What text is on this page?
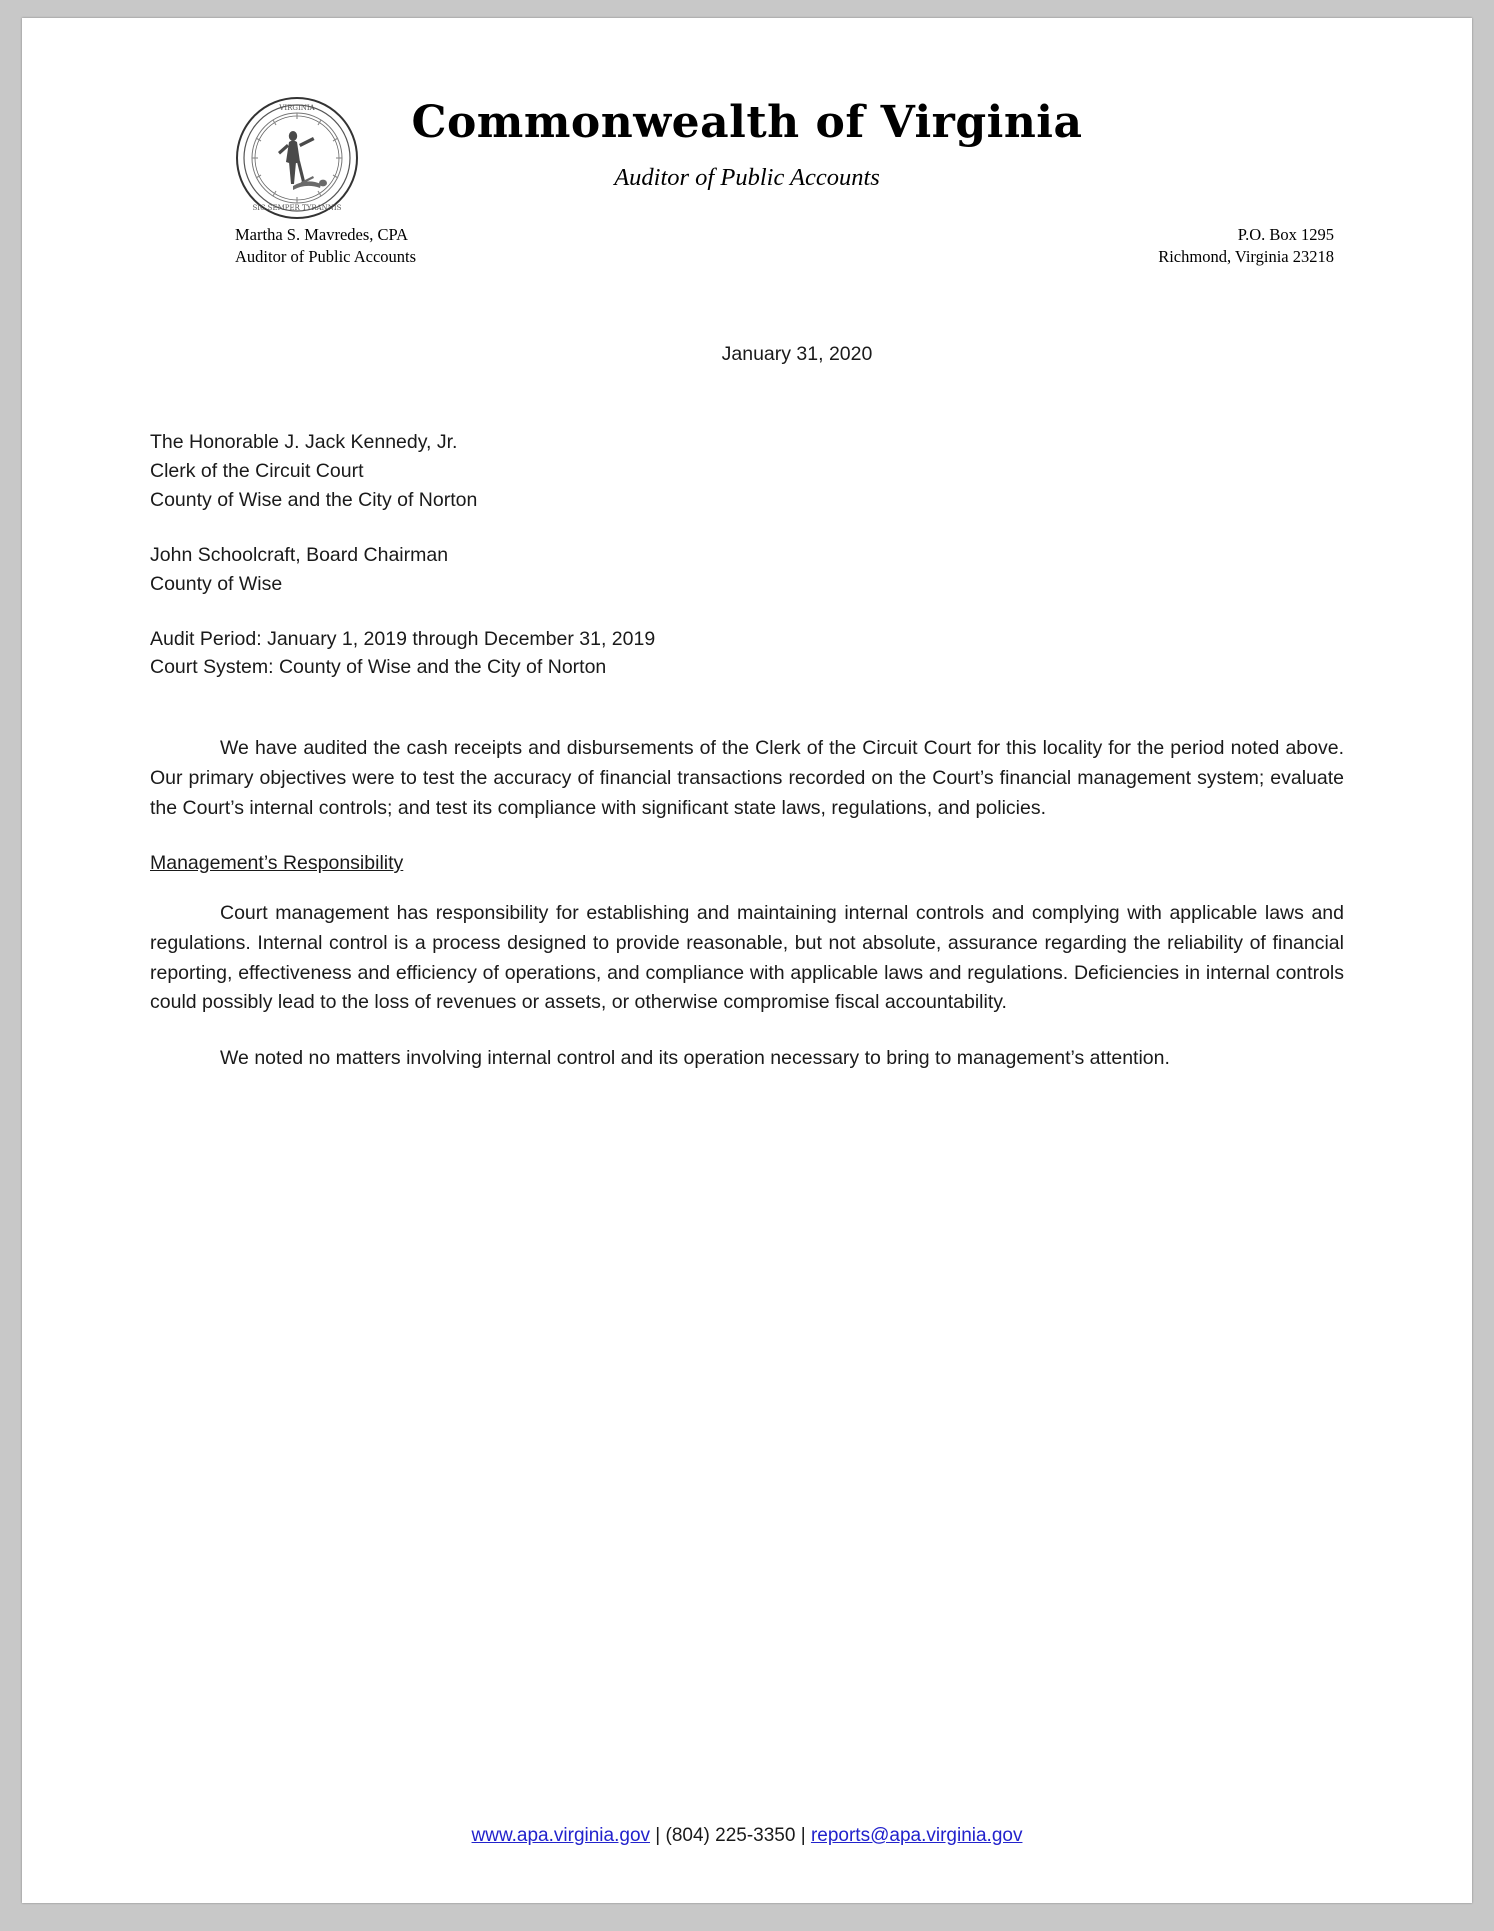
SIC SEMPER TYRANNIS
VIRGINIA	Commonwealth of Virginia
Auditor of Public Accounts
Martha S. Mavredes, CPA
Auditor of Public Accounts
P.O. Box 1295
Richmond, Virginia 23218
January 31, 2020
The Honorable J. Jack Kennedy, Jr.
Clerk of the Circuit Court
County of Wise and the City of Norton
John Schoolcraft, Board Chairman
County of Wise
Audit Period: January 1, 2019 through December 31, 2019
Court System: County of Wise and the City of Norton

We have audited the cash receipts and disbursements of the Clerk of the Circuit Court for this locality for the period noted above. Our primary objectives were to test the accuracy of financial transactions recorded on the Court’s financial management system; evaluate the Court’s internal controls; and test its compliance with significant state laws, regulations, and policies.

Management’s Responsibility

Court management has responsibility for establishing and maintaining internal controls and complying with applicable laws and regulations. Internal control is a process designed to provide reasonable, but not absolute, assurance regarding the reliability of financial reporting, effectiveness and efficiency of operations, and compliance with applicable laws and regulations. Deficiencies in internal controls could possibly lead to the loss of revenues or assets, or otherwise compromise fiscal accountability.

We noted no matters involving internal control and its operation necessary to bring to management’s attention.

www.apa.virginia.gov | (804) 225-3350 | reports@apa.virginia.gov
